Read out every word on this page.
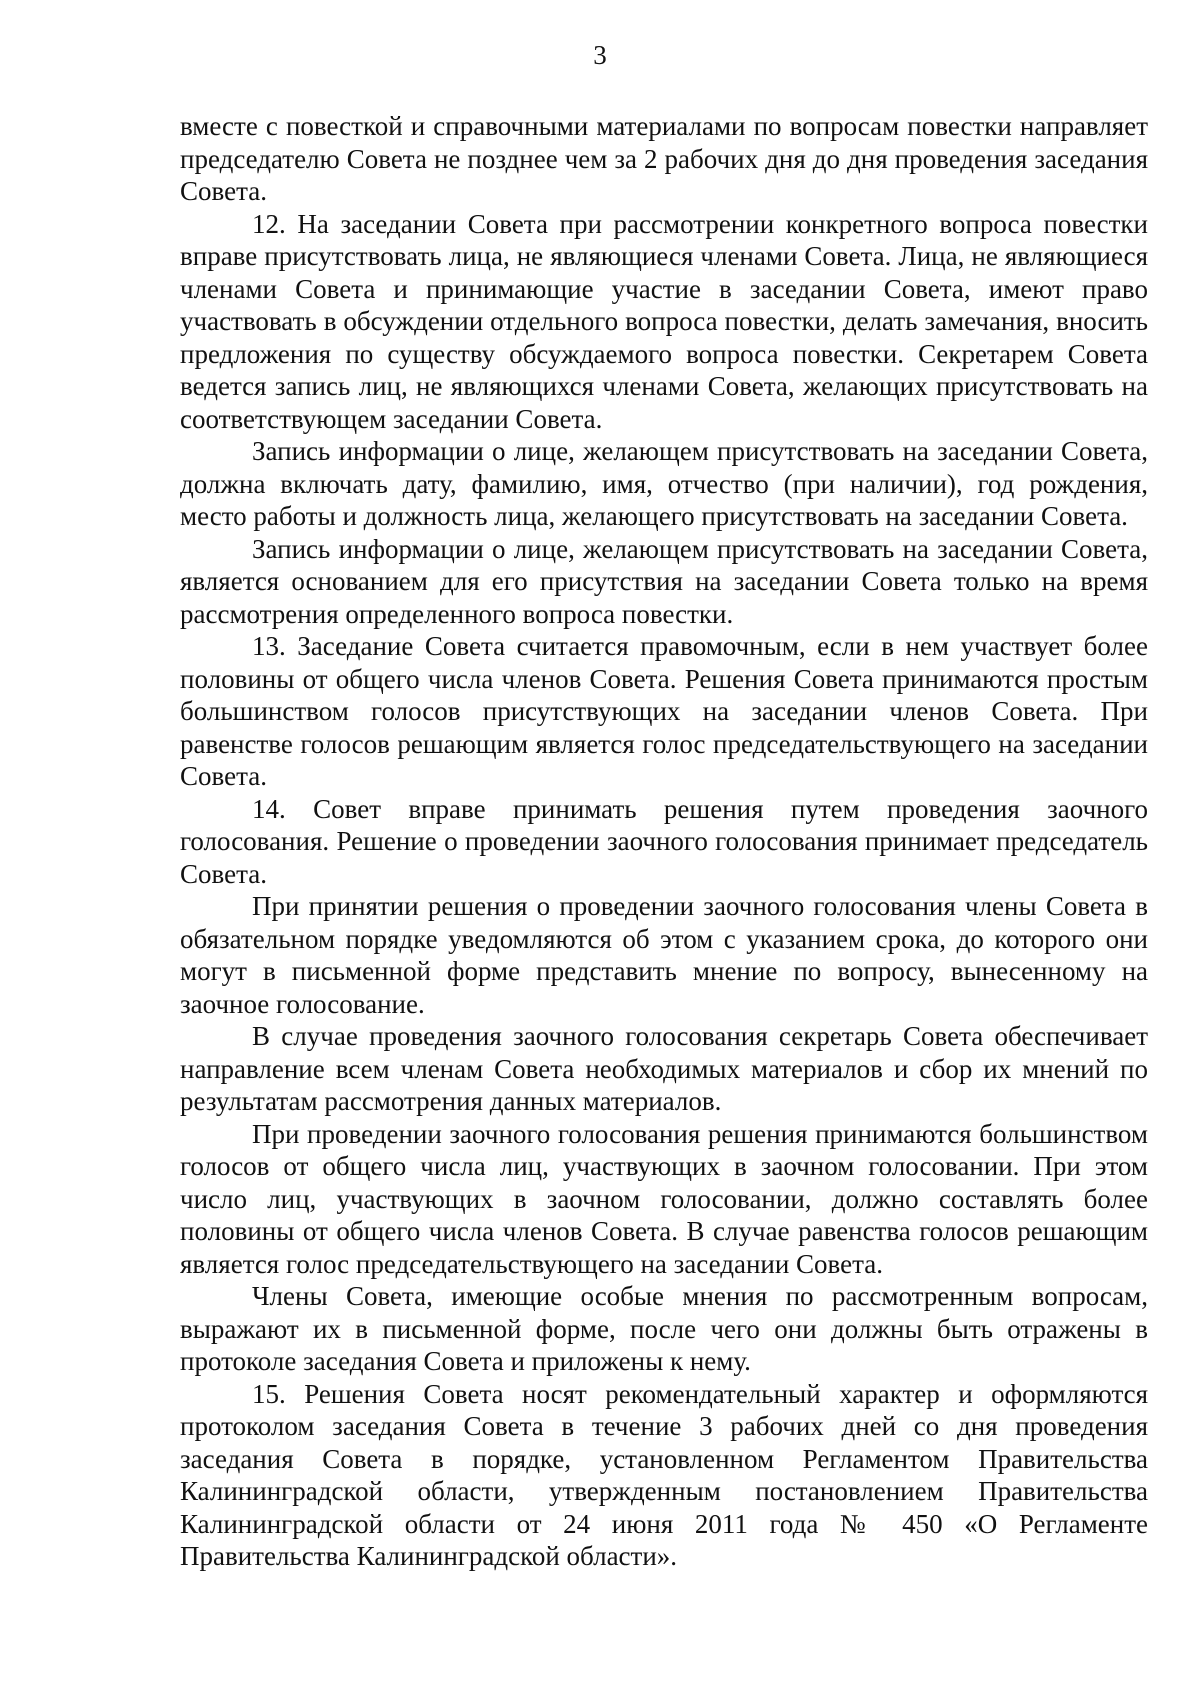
3

вместе с повесткой и справочными материалами по вопросам повестки направляет председателю Совета не позднее чем за 2 рабочих дня до дня проведения заседания Совета.

12. На заседании Совета при рассмотрении конкретного вопроса повестки вправе присутствовать лица, не являющиеся членами Совета. Лица, не являющиеся членами Совета и принимающие участие в заседании Совета, имеют право участвовать в обсуждении отдельного вопроса повестки, делать замечания, вносить предложения по существу обсуждаемого вопроса повестки. Секретарем Совета ведется запись лиц, не являющихся членами Совета, желающих присутствовать на соответствующем заседании Совета.

Запись информации о лице, желающем присутствовать на заседании Совета, должна включать дату, фамилию, имя, отчество (при наличии), год рождения, место работы и должность лица, желающего присутствовать на заседании Совета.

Запись информации о лице, желающем присутствовать на заседании Совета, является основанием для его присутствия на заседании Совета только на время рассмотрения определенного вопроса повестки.

13. Заседание Совета считается правомочным, если в нем участвует более половины от общего числа членов Совета. Решения Совета принимаются простым большинством голосов присутствующих на заседании членов Совета. При равенстве голосов решающим является голос председательствующего на заседании Совета.

14. Совет вправе принимать решения путем проведения заочного голосования. Решение о проведении заочного голосования принимает председатель Совета.

При принятии решения о проведении заочного голосования члены Совета в обязательном порядке уведомляются об этом с указанием срока, до которого они могут в письменной форме представить мнение по вопросу, вынесенному на заочное голосование.

В случае проведения заочного голосования секретарь Совета обеспечивает направление всем членам Совета необходимых материалов и сбор их мнений по результатам рассмотрения данных материалов.

При проведении заочного голосования решения принимаются большинством голосов от общего числа лиц, участвующих в заочном голосовании. При этом число лиц, участвующих в заочном голосовании, должно составлять более половины от общего числа членов Совета. В случае равенства голосов решающим является голос председательствующего на заседании Совета.

Члены Совета, имеющие особые мнения по рассмотренным вопросам, выражают их в письменной форме, после чего они должны быть отражены в протоколе заседания Совета и приложены к нему.

15. Решения Совета носят рекомендательный характер и оформляются протоколом заседания Совета в течение 3 рабочих дней со дня проведения заседания Совета в порядке, установленном Регламентом Правительства Калининградской области, утвержденным постановлением Правительства Калининградской области от 24 июня 2011 года № 450 «О Регламенте Правительства Калининградской области».
